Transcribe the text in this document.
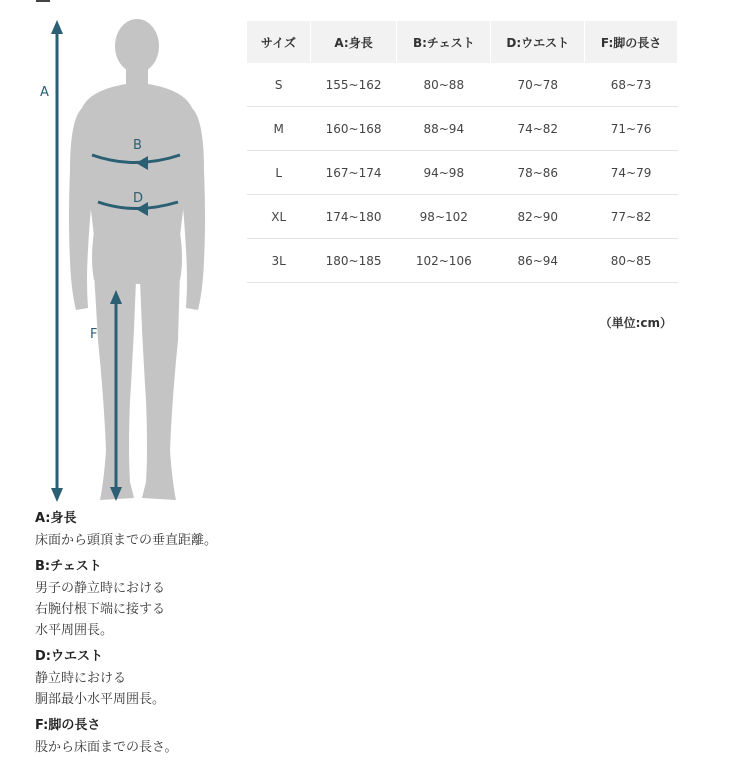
A
B
D
F
サイズ	A:身長	B:チェスト	D:ウエスト	F:脚の長さ
S	155~162	80~88	70~78	68~73
M	160~168	88~94	74~82	71~76
L	167~174	94~98	78~86	74~79
XL	174~180	98~102	82~90	77~82
3L	180~185	102~106	86~94	80~85
（単位:cm）
A:身長
床面から頭頂までの垂直距離。
B:チェスト
男子の静立時における
右腕付根下端に接する
水平周囲長。
D:ウエスト
静立時における
胴部最小水平周囲長。
F:脚の長さ
股から床面までの長さ。
